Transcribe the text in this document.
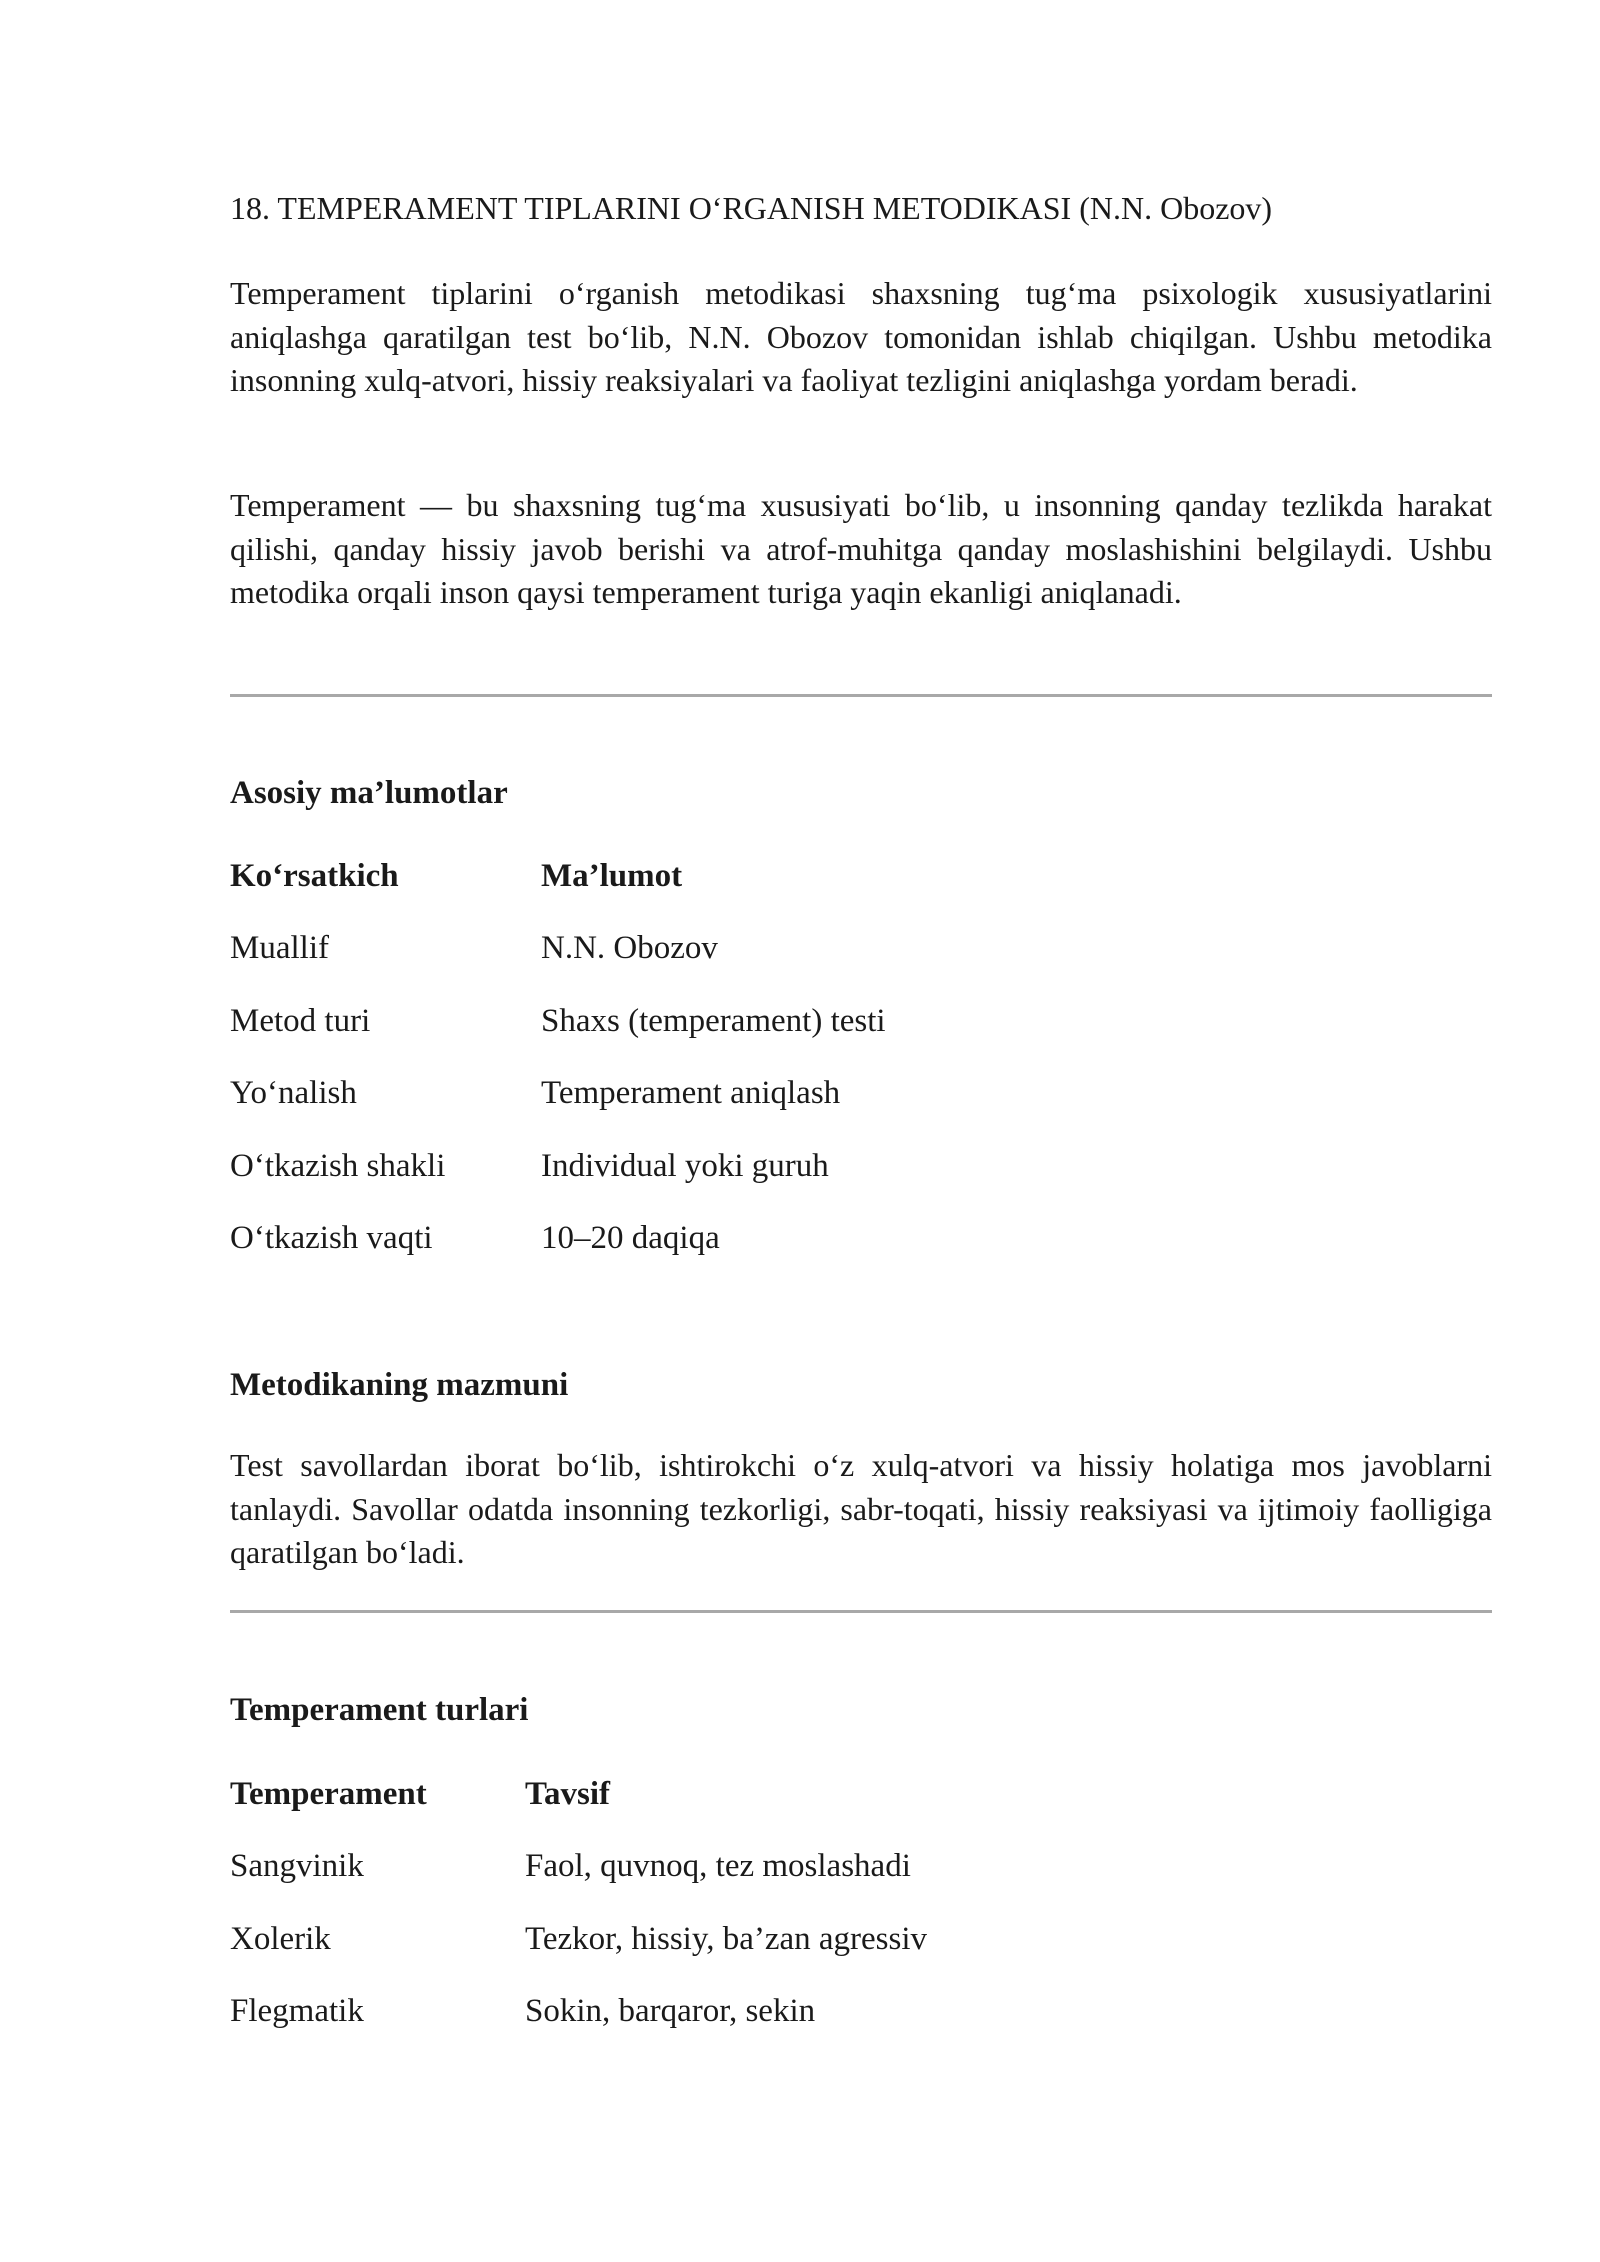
18. TEMPERAMENT TIPLARINI O‘RGANISH METODIKASI (N.N. Obozov)

Temperament tiplarini o‘rganish metodikasi shaxsning tug‘ma psixologik xususiyatlarini aniqlashga qaratilgan test bo‘lib, N.N. Obozov tomonidan ishlab chiqilgan. Ushbu metodika insonning xulq-atvori, hissiy reaksiyalari va faoliyat tezligini aniqlashga yordam beradi.

Temperament — bu shaxsning tug‘ma xususiyati bo‘lib, u insonning qanday tezlikda harakat qilishi, qanday hissiy javob berishi va atrof-muhitga qanday moslashishini belgilaydi. Ushbu metodika orqali inson qaysi temperament turiga yaqin ekanligi aniqlanadi.

Asosiy ma’lumotlar
Ko‘rsatkich	Ma’lumot
Muallif	N.N. Obozov
Metod turi	Shaxs (temperament) testi
Yo‘nalish	Temperament aniqlash
O‘tkazish shakli	Individual yoki guruh
O‘tkazish vaqti	10–20 daqiqa
Metodikaning mazmuni

Test savollardan iborat bo‘lib, ishtirokchi o‘z xulq-atvori va hissiy holatiga mos javoblarni tanlaydi. Savollar odatda insonning tezkorligi, sabr-toqati, hissiy reaksiyasi va ijtimoiy faolligiga qaratilgan bo‘ladi.

Temperament turlari
Temperament	Tavsif
Sangvinik	Faol, quvnoq, tez moslashadi
Xolerik	Tezkor, hissiy, ba’zan agressiv
Flegmatik	Sokin, barqaror, sekin
